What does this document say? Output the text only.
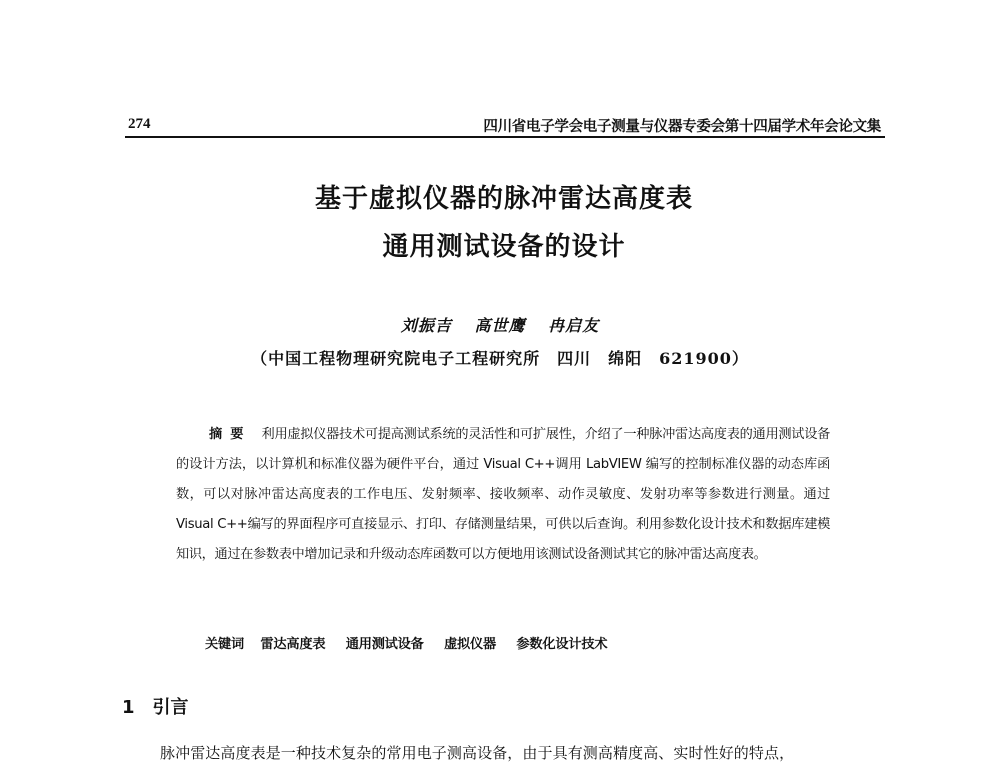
274	四川省电子学会电子测量与仪器专委会第十四届学术年会论文集
基于虚拟仪器的脉冲雷达高度表
通用测试设备的设计
刘振吉 高世鹰 冉启友
（中国工程物理研究院电子工程研究所　四川　绵阳　621900）
摘要 利用虚拟仪器技术可提高测试系统的灵活性和可扩展性，介绍了一种脉冲雷达高度表的通用测试设备的设计方法，以计算机和标准仪器为硬件平台，通过 Visual C++调用 LabVIEW 编写的控制标准仪器的动态库函数，可以对脉冲雷达高度表的工作电压、发射频率、接收频率、动作灵敏度、发射功率等参数进行测量。通过 Visual C++编写的界面程序可直接显示、打印、存储测量结果，可供以后查询。利用参数化设计技术和数据库建模知识，通过在参数表中增加记录和升级动态库函数可以方便地用该测试设备测试其它的脉冲雷达高度表。
关键词 雷达高度表 通用测试设备 虚拟仪器 参数化设计技术
1 引言
脉冲雷达高度表是一种技术复杂的常用电子测高设备，由于具有测高精度高、实时性好的特点，
